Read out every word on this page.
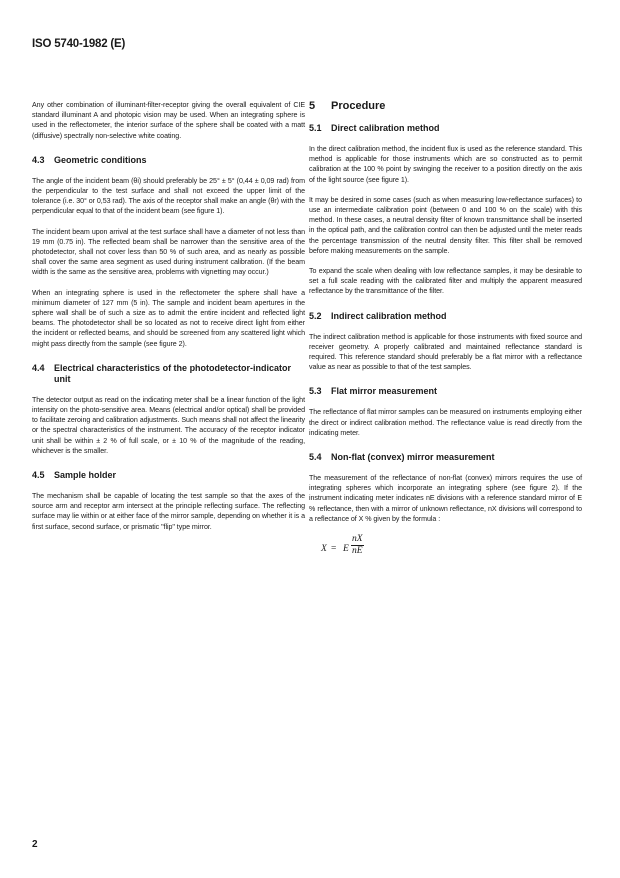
ISO 5740-1982 (E)

Any other combination of illuminant-filter-receptor giving the overall equivalent of CIE standard illuminant A and photopic vision may be used. When an integrating sphere is used in the reflectometer, the interior surface of the sphere shall be coated with a matt (diffusive) spectrally non-selective white coating.

4.3 Geometric conditions

The angle of the incident beam (θi) should preferably be 25° ± 5° (0,44 ± 0,09 rad) from the perpendicular to the test surface and shall not exceed the upper limit of the tolerance (i.e. 30° or 0,53 rad). The axis of the receptor shall make an angle (θr) with the perpendicular equal to that of the incident beam (see figure 1).

The incident beam upon arrival at the test surface shall have a diameter of not less than 19 mm (0.75 in). The reflected beam shall be narrower than the sensitive area of the photodetector, shall not cover less than 50 % of such area, and as nearly as possible shall cover the same area segment as used during instrument calibration. (If the beam width is the same as the sensitive area, problems with vignetting may occur.)

When an integrating sphere is used in the reflectometer the sphere shall have a minimum diameter of 127 mm (5 in). The sample and incident beam apertures in the sphere wall shall be of such a size as to admit the entire incident and reflected light beams. The photodetector shall be so located as not to receive direct light from either the incident or reflected beams, and should be screened from any scattered light which might pass directly from the sample (see figure 2).

4.4	Electrical characteristics of the photodetector-indicator unit

The detector output as read on the indicating meter shall be a linear function of the light intensity on the photo-sensitive area. Means (electrical and/or optical) shall be provided to facilitate zeroing and calibration adjustments. Such means shall not affect the linearity or the spectral characteristics of the instrument. The accuracy of the receptor indicator unit shall be within ± 2 % of full scale, or ± 10 % of the magnitude of the reading, whichever is the smaller.

4.5 Sample holder

The mechanism shall be capable of locating the test sample so that the axes of the source arm and receptor arm intersect at the principle reflecting surface. The reflecting surface may lie within or at either face of the mirror sample, depending on whether it is a first surface, second surface, or prismatic "flip" type mirror.

5 Procedure
5.1 Direct calibration method

In the direct calibration method, the incident flux is used as the reference standard. This method is applicable for those instruments which are so constructed as to permit calibration at the 100 % point by swinging the receiver to a position directly on the axis of the light source (see figure 1).

It may be desired in some cases (such as when measuring low-reflectance surfaces) to use an intermediate calibration point (between 0 and 100 % on the scale) with this method. In these cases, a neutral density filter of known transmittance shall be inserted in the optical path, and the calibration control can then be adjusted until the meter reads the percentage transmission of the neutral density filter. This filter shall be removed before making measurements on the sample.

To expand the scale when dealing with low reflectance samples, it may be desirable to set a full scale reading with the calibrated filter and multiply the apparent measured reflectance by the transmittance of the filter.

5.2 Indirect calibration method

The indirect calibration method is applicable for those instruments with fixed source and receiver geometry. A properly calibrated and maintained reflectance standard is required. This reference standard should preferably be a flat mirror with a reflectance value as near as possible to that of the test samples.

5.3 Flat mirror measurement

The reflectance of flat mirror samples can be measured on instruments employing either the direct or indirect calibration method. The reflectance value is read directly from the indicating meter.

5.4 Non-flat (convex) mirror measurement

The measurement of the reflectance of non-flat (convex) mirrors requires the use of integrating spheres which incorporate an integrating sphere (see figure 2). If the instrument indicating meter indicates nE divisions with a reference standard mirror of E % reflectance, then with a mirror of unknown reflectance, nX divisions will correspond to a reflectance of X % given by the formula :

X = E $\frac{nX}{nE}$
2
